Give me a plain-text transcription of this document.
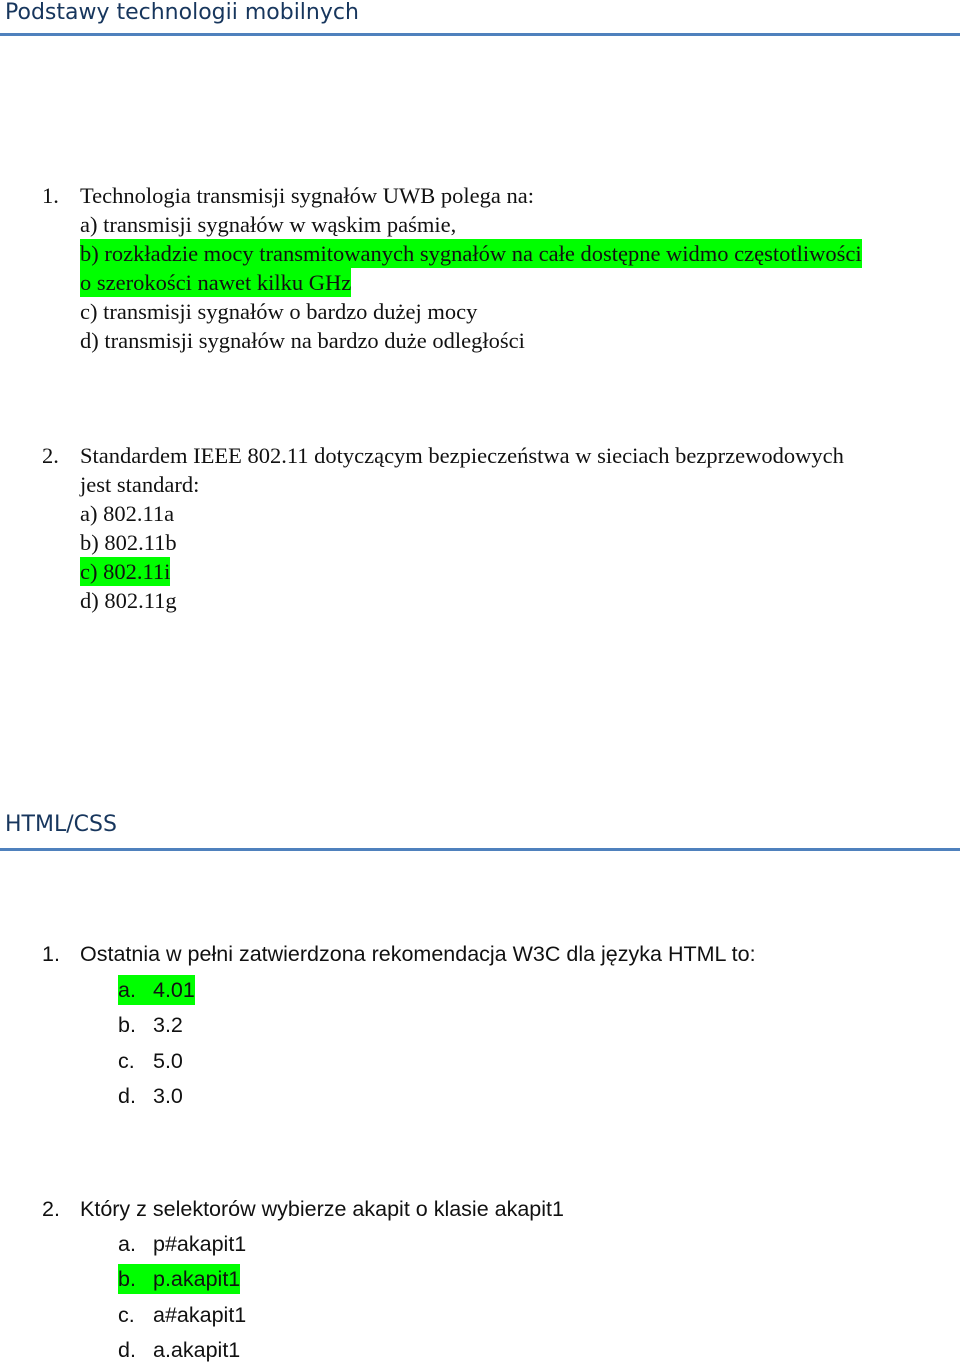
Podstawy technologii mobilnych
1. Technologia transmisji sygnałów UWB polega na:
a) transmisji sygnałów w wąskim paśmie,
b) rozkładzie mocy transmitowanych sygnałów na całe dostępne widmo częstotliwości
o szerokości nawet kilku GHz
c) transmisji sygnałów o bardzo dużej mocy
d) transmisji sygnałów na bardzo duże odległości
2. Standardem IEEE 802.11 dotyczącym bezpieczeństwa w sieciach bezprzewodowych
jest standard:
a) 802.11a
b) 802.11b
c) 802.11i
d) 802.11g
HTML/CSS
1. Ostatnia w pełni zatwierdzona rekomendacja W3C dla języka HTML to:
a. 4.01
b. 3.2
c. 5.0
d. 3.0
2. Który z selektorów wybierze akapit o klasie akapit1
a. p#akapit1
b. p.akapit1
c. a#akapit1
d. a.akapit1
